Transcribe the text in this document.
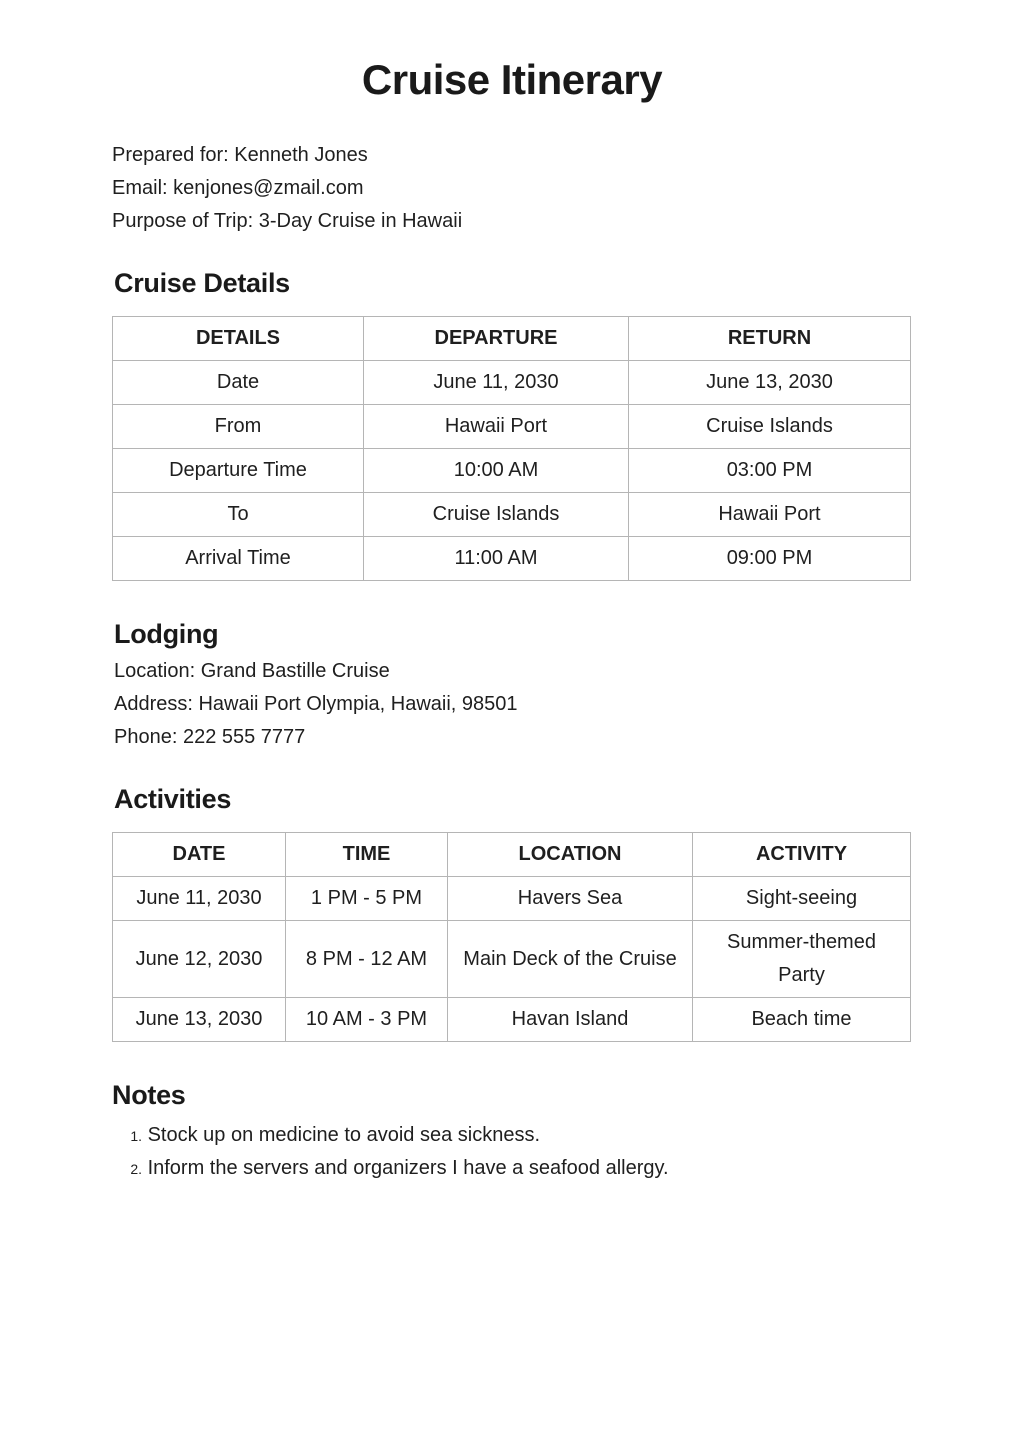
Cruise Itinerary

Prepared for: Kenneth Jones

Email: kenjones@zmail.com

Purpose of Trip: 3-Day Cruise in Hawaii

Cruise Details
DETAILS	DEPARTURE	RETURN
Date	June 11, 2030	June 13, 2030
From	Hawaii Port	Cruise Islands
Departure Time	10:00 AM	03:00 PM
To	Cruise Islands	Hawaii Port
Arrival Time	11:00 AM	09:00 PM
Lodging

Location: Grand Bastille Cruise

Address: Hawaii Port Olympia, Hawaii, 98501

Phone: 222 555 7777

Activities
DATE	TIME	LOCATION	ACTIVITY
June 11, 2030	1 PM - 5 PM	Havers Sea	Sight-seeing
June 12, 2030	8 PM - 12 AM	Main Deck of the Cruise	Summer-themed Party
June 13, 2030	10 AM - 3 PM	Havan Island	Beach time
Notes
1. Stock up on medicine to avoid sea sickness.
2. Inform the servers and organizers I have a seafood allergy.
